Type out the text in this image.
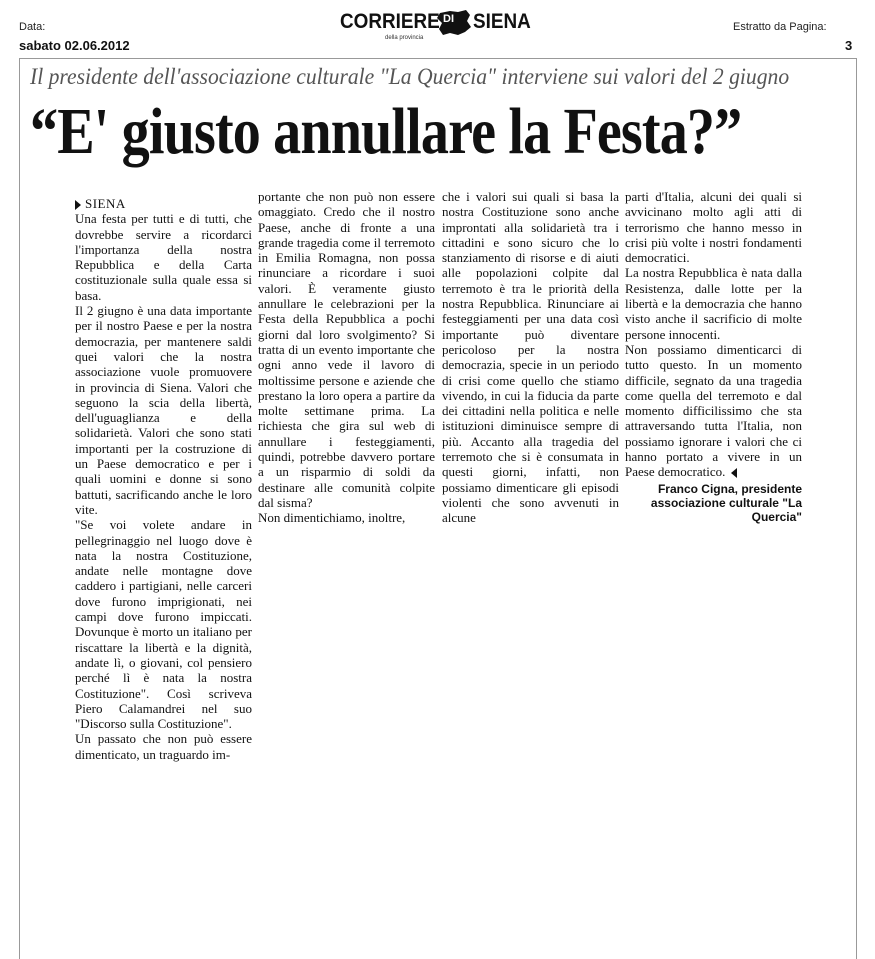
Data:
sabato 02.06.2012
Estratto da Pagina:
3
CORRIERE DI SIENA
della provincia
Il presidente dell'associazione culturale "La Quercia" interviene sui valori del 2 giugno
“E' giusto annullare la Festa?”
SIENA

Una festa per tutti e di tutti, che dovrebbe servire a ricordarci l'importanza della nostra Repubblica e della Carta costituzionale sulla quale essa si basa.

Il 2 giugno è una data importante per il nostro Paese e per la nostra democrazia, per mantenere saldi quei valori che la nostra associazione vuole promuovere in provincia di Siena. Valori che seguono la scia della libertà, dell'uguaglianza e della solidarietà. Valori che sono stati importanti per la costruzione di un Paese democratico e per i quali uomini e donne si sono battuti, sacrificando anche le loro vite.

"Se voi volete andare in pellegrinaggio nel luogo dove è nata la nostra Costituzione, andate nelle montagne dove caddero i partigiani, nelle carceri dove furono imprigionati, nei campi dove furono impiccati. Dovunque è morto un italiano per riscattare la libertà e la dignità, andate lì, o giovani, col pensiero perché lì è nata la nostra Costituzione". Così scriveva Piero Calamandrei nel suo "Discorso sulla Costituzione".

Un passato che non può essere dimenticato, un traguardo im-

portante che non può non essere omaggiato. Credo che il nostro Paese, anche di fronte a una grande tragedia come il terremoto in Emilia Romagna, non possa rinunciare a ricordare i suoi valori. È veramente giusto annullare le celebrazioni per la Festa della Repubblica a pochi giorni dal loro svolgimento? Si tratta di un evento importante che ogni anno vede il lavoro di moltissime persone e aziende che prestano la loro opera a partire da molte settimane prima. La richiesta che gira sul web di annullare i festeggiamenti, quindi, potrebbe davvero portare a un risparmio di soldi da destinare alle comunità colpite dal sisma?

Non dimentichiamo, inoltre,

che i valori sui quali si basa la nostra Costituzione sono anche improntati alla solidarietà tra i cittadini e sono sicuro che lo stanziamento di risorse e di aiuti alle popolazioni colpite dal terremoto è tra le priorità della nostra Repubblica. Rinunciare ai festeggiamenti per una data così importante può diventare pericoloso per la nostra democrazia, specie in un periodo di crisi come quello che stiamo vivendo, in cui la fiducia da parte dei cittadini nella politica e nelle istituzioni diminuisce sempre di più. Accanto alla tragedia del terremoto che si è consumata in questi giorni, infatti, non possiamo dimenticare gli episodi violenti che sono avvenuti in alcune

parti d'Italia, alcuni dei quali si avvicinano molto agli atti di terrorismo che hanno messo in crisi più volte i nostri fondamenti democratici.

La nostra Repubblica è nata dalla Resistenza, dalle lotte per la libertà e la democrazia che hanno visto anche il sacrificio di molte persone innocenti.

Non possiamo dimenticarci di tutto questo. In un momento difficile, segnato da una tragedia come quella del terremoto e dal momento difficilissimo che sta attraversando tutta l'Italia, non possiamo ignorare i valori che ci hanno portato a vivere in un Paese democratico.

Franco Cigna, presidente associazione culturale "La Quercia"
